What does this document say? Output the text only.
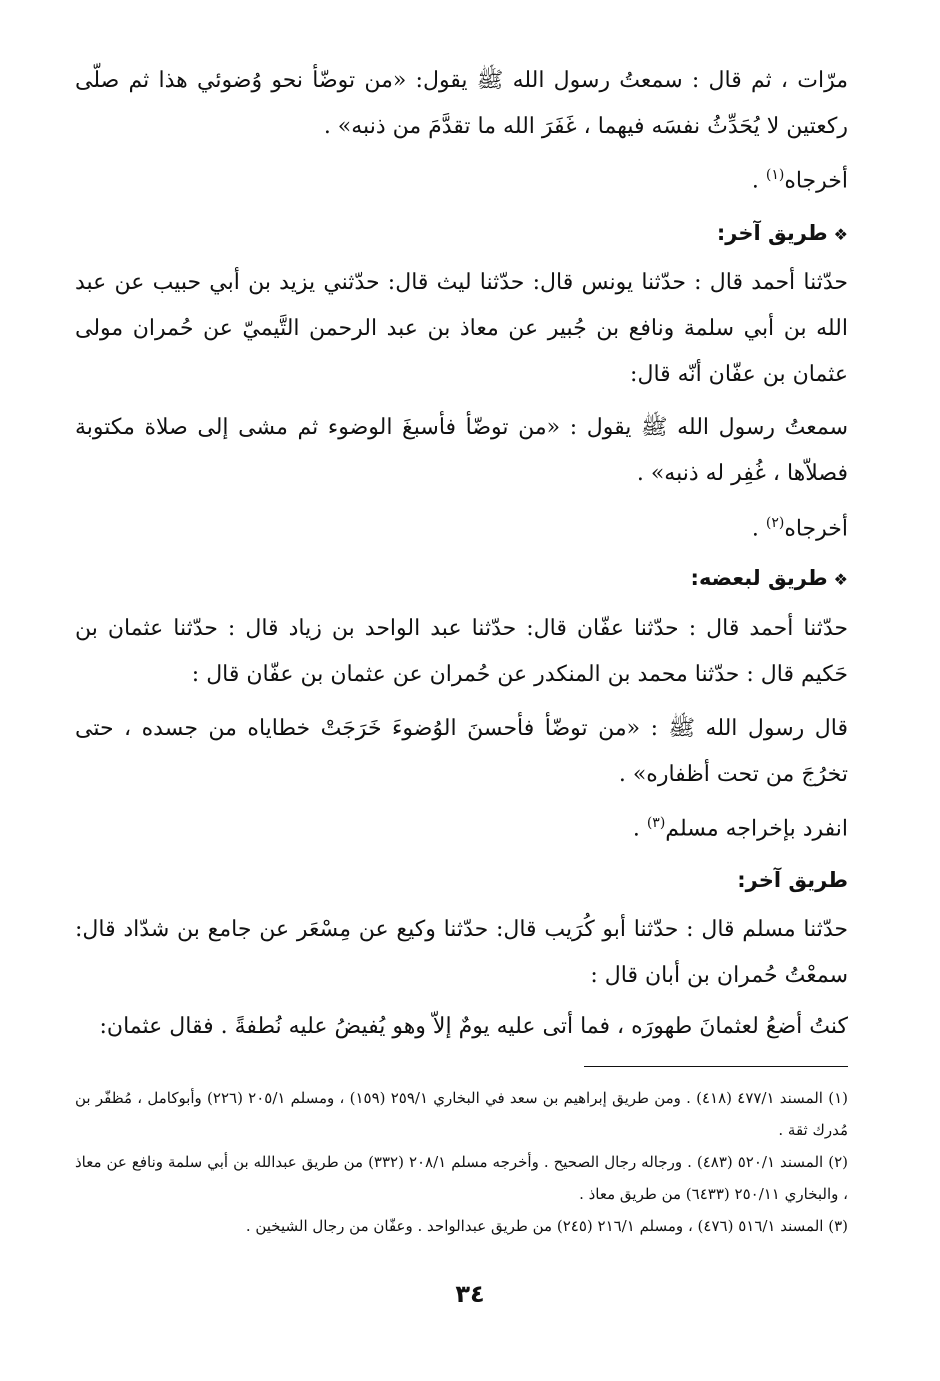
مرّات ، ثم قال : سمعتُ رسول الله ﷺ يقول: «من توضّأ نحو وُضوئي هذا ثم صلّى ركعتين لا يُحَدِّثُ نفسَه فيهما ، غَفَرَ الله ما تقدَّمَ من ذنبه» .
أخرجاه$^{(١)}$ .
❖طريق آخر:
حدّثنا أحمد قال : حدّثنا يونس قال: حدّثنا ليث قال: حدّثني يزيد بن أبي حبيب عن عبد الله بن أبي سلمة ونافع بن جُبير عن معاذ بن عبد الرحمن التَّيميّ عن حُمران مولى عثمان بن عفّان أنّه قال:
سمعتُ رسول الله ﷺ يقول : «من توضّأ فأسبغَ الوضوء ثم مشى إلى صلاة مكتوبة فصلاّها ، غُفِر له ذنبه» .
أخرجاه$^{(٢)}$ .
❖طريق لبعضه:
حدّثنا أحمد قال : حدّثنا عفّان قال: حدّثنا عبد الواحد بن زياد قال : حدّثنا عثمان بن حَكيم قال : حدّثنا محمد بن المنكدر عن حُمران عن عثمان بن عفّان قال :
قال رسول الله ﷺ : «من توضّأ فأحسنَ الوُضوءَ خَرَجَتْ خطاياه من جسده ، حتى تخرُجَ من تحت أظفاره» .
انفرد بإخراجه مسلم$^{(٣)}$ .
طريق آخر:
حدّثنا مسلم قال : حدّثنا أبو كُرَيب قال: حدّثنا وكيع عن مِسْعَر عن جامع بن شدّاد قال: سمعْتُ حُمران بن أبان قال :
كنتُ أضعُ لعثمانَ طهورَه ، فما أتى عليه يومٌ إلاّ وهو يُفيضُ عليه نُطفةً . فقال عثمان:

(١) المسند ٤٧٧/١ (٤١٨) . ومن طريق إبراهيم بن سعد في البخاري ٢٥٩/١ (١٥٩) ، ومسلم ٢٠٥/١ (٢٢٦) وأبوكامل ، مُظفّر بن مُدرك ثقة .

(٢) المسند ٥٢٠/١ (٤٨٣) . ورجاله رجال الصحيح . وأخرجه مسلم ٢٠٨/١ (٣٣٢) من طريق عبدالله بن أبي سلمة ونافع عن معاذ ، والبخاري ٢٥٠/١١ (٦٤٣٣) من طريق معاذ .

(٣) المسند ٥١٦/١ (٤٧٦) ، ومسلم ٢١٦/١ (٢٤٥) من طريق عبدالواحد . وعفّان من رجال الشيخين .

٣٤
